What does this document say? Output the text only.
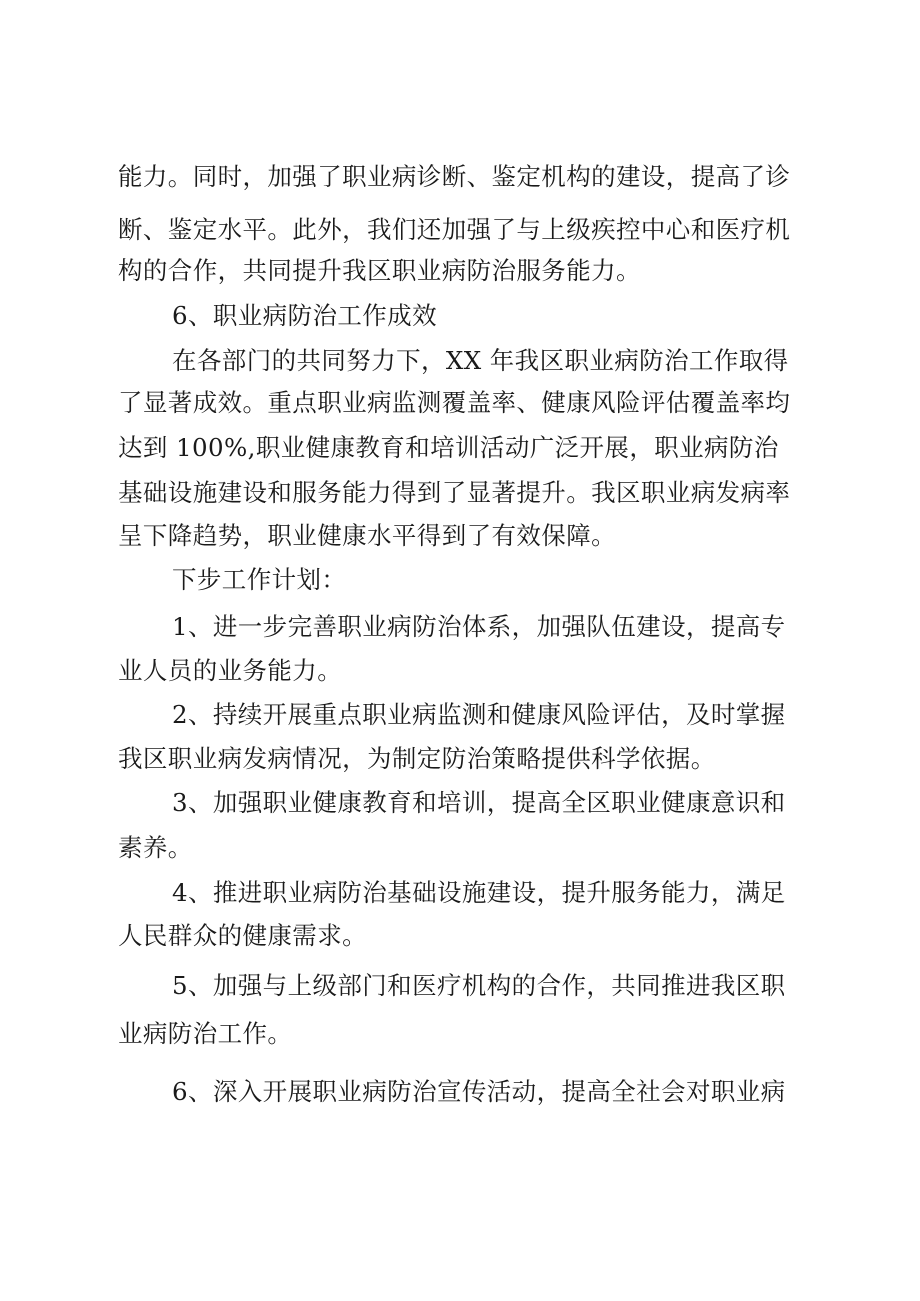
能力。同时，加强了职业病诊断、鉴定机构的建设，提高了诊
断、鉴定水平。此外，我们还加强了与上级疾控中心和医疗机
构的合作，共同提升我区职业病防治服务能力。
6、职业病防治工作成效
在各部门的共同努力下，XX 年我区职业病防治工作取得
了显著成效。重点职业病监测覆盖率、健康风险评估覆盖率均
达到 100%,职业健康教育和培训活动广泛开展，职业病防治
基础设施建设和服务能力得到了显著提升。我区职业病发病率
呈下降趋势，职业健康水平得到了有效保障。
下步工作计划：
1、进一步完善职业病防治体系，加强队伍建设，提高专
业人员的业务能力。
2、持续开展重点职业病监测和健康风险评估，及时掌握
我区职业病发病情况，为制定防治策略提供科学依据。
3、加强职业健康教育和培训，提高全区职业健康意识和
素养。
4、推进职业病防治基础设施建设，提升服务能力，满足
人民群众的健康需求。
5、加强与上级部门和医疗机构的合作，共同推进我区职
业病防治工作。
6、深入开展职业病防治宣传活动，提高全社会对职业病
